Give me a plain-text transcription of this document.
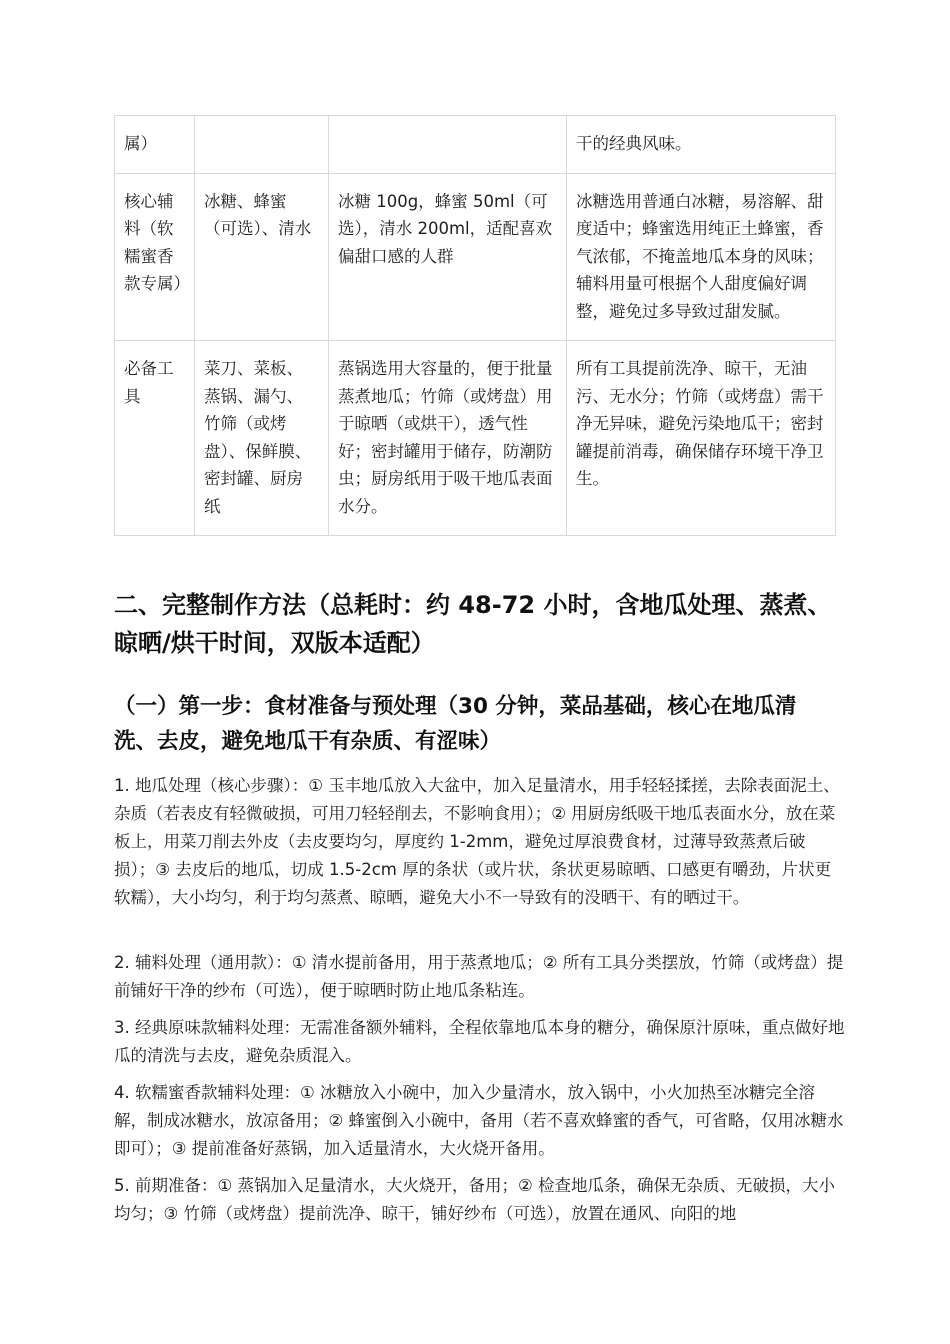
属）			干的经典风味。
核心辅料（软糯蜜香款专属）	冰糖、蜂蜜（可选）、清水	冰糖 100g，蜂蜜 50ml（可选），清水 200ml，适配喜欢偏甜口感的人群	冰糖选用普通白冰糖，易溶解、甜度适中；蜂蜜选用纯正土蜂蜜，香气浓郁，不掩盖地瓜本身的风味；辅料用量可根据个人甜度偏好调整，避免过多导致过甜发腻。
必备工具	菜刀、菜板、蒸锅、漏勺、竹筛（或烤盘）、保鲜膜、密封罐、厨房纸	蒸锅选用大容量的，便于批量蒸煮地瓜；竹筛（或烤盘）用于晾晒（或烘干），透气性好；密封罐用于储存，防潮防虫；厨房纸用于吸干地瓜表面水分。	所有工具提前洗净、晾干，无油污、无水分；竹筛（或烤盘）需干净无异味，避免污染地瓜干；密封罐提前消毒，确保储存环境干净卫生。
二、完整制作方法（总耗时：约 48-72 小时，含地瓜处理、蒸煮、晾晒/烘干时间，双版本适配）
（一）第一步：食材准备与预处理（30 分钟，菜品基础，核心在地瓜清洗、去皮，避免地瓜干有杂质、有涩味）
1. 地瓜处理（核心步骤）：① 玉丰地瓜放入大盆中，加入足量清水，用手轻轻揉搓，去除表面泥土、杂质（若表皮有轻微破损，可用刀轻轻削去，不影响食用）；② 用厨房纸吸干地瓜表面水分，放在菜板上，用菜刀削去外皮（去皮要均匀，厚度约 1-2mm，避免过厚浪费食材，过薄导致蒸煮后破损）；③ 去皮后的地瓜，切成 1.5-2cm 厚的条状（或片状，条状更易晾晒、口感更有嚼劲，片状更软糯），大小均匀，利于均匀蒸煮、晾晒，避免大小不一导致有的没晒干、有的晒过干。
2. 辅料处理（通用款）：① 清水提前备用，用于蒸煮地瓜；② 所有工具分类摆放，竹筛（或烤盘）提前铺好干净的纱布（可选），便于晾晒时防止地瓜条粘连。
3. 经典原味款辅料处理：无需准备额外辅料，全程依靠地瓜本身的糖分，确保原汁原味，重点做好地瓜的清洗与去皮，避免杂质混入。
4. 软糯蜜香款辅料处理：① 冰糖放入小碗中，加入少量清水，放入锅中，小火加热至冰糖完全溶解，制成冰糖水，放凉备用；② 蜂蜜倒入小碗中，备用（若不喜欢蜂蜜的香气，可省略，仅用冰糖水即可）；③ 提前准备好蒸锅，加入适量清水，大火烧开备用。
5. 前期准备：① 蒸锅加入足量清水，大火烧开，备用；② 检查地瓜条，确保无杂质、无破损，大小均匀；③ 竹筛（或烤盘）提前洗净、晾干，铺好纱布（可选），放置在通风、向阳的地
